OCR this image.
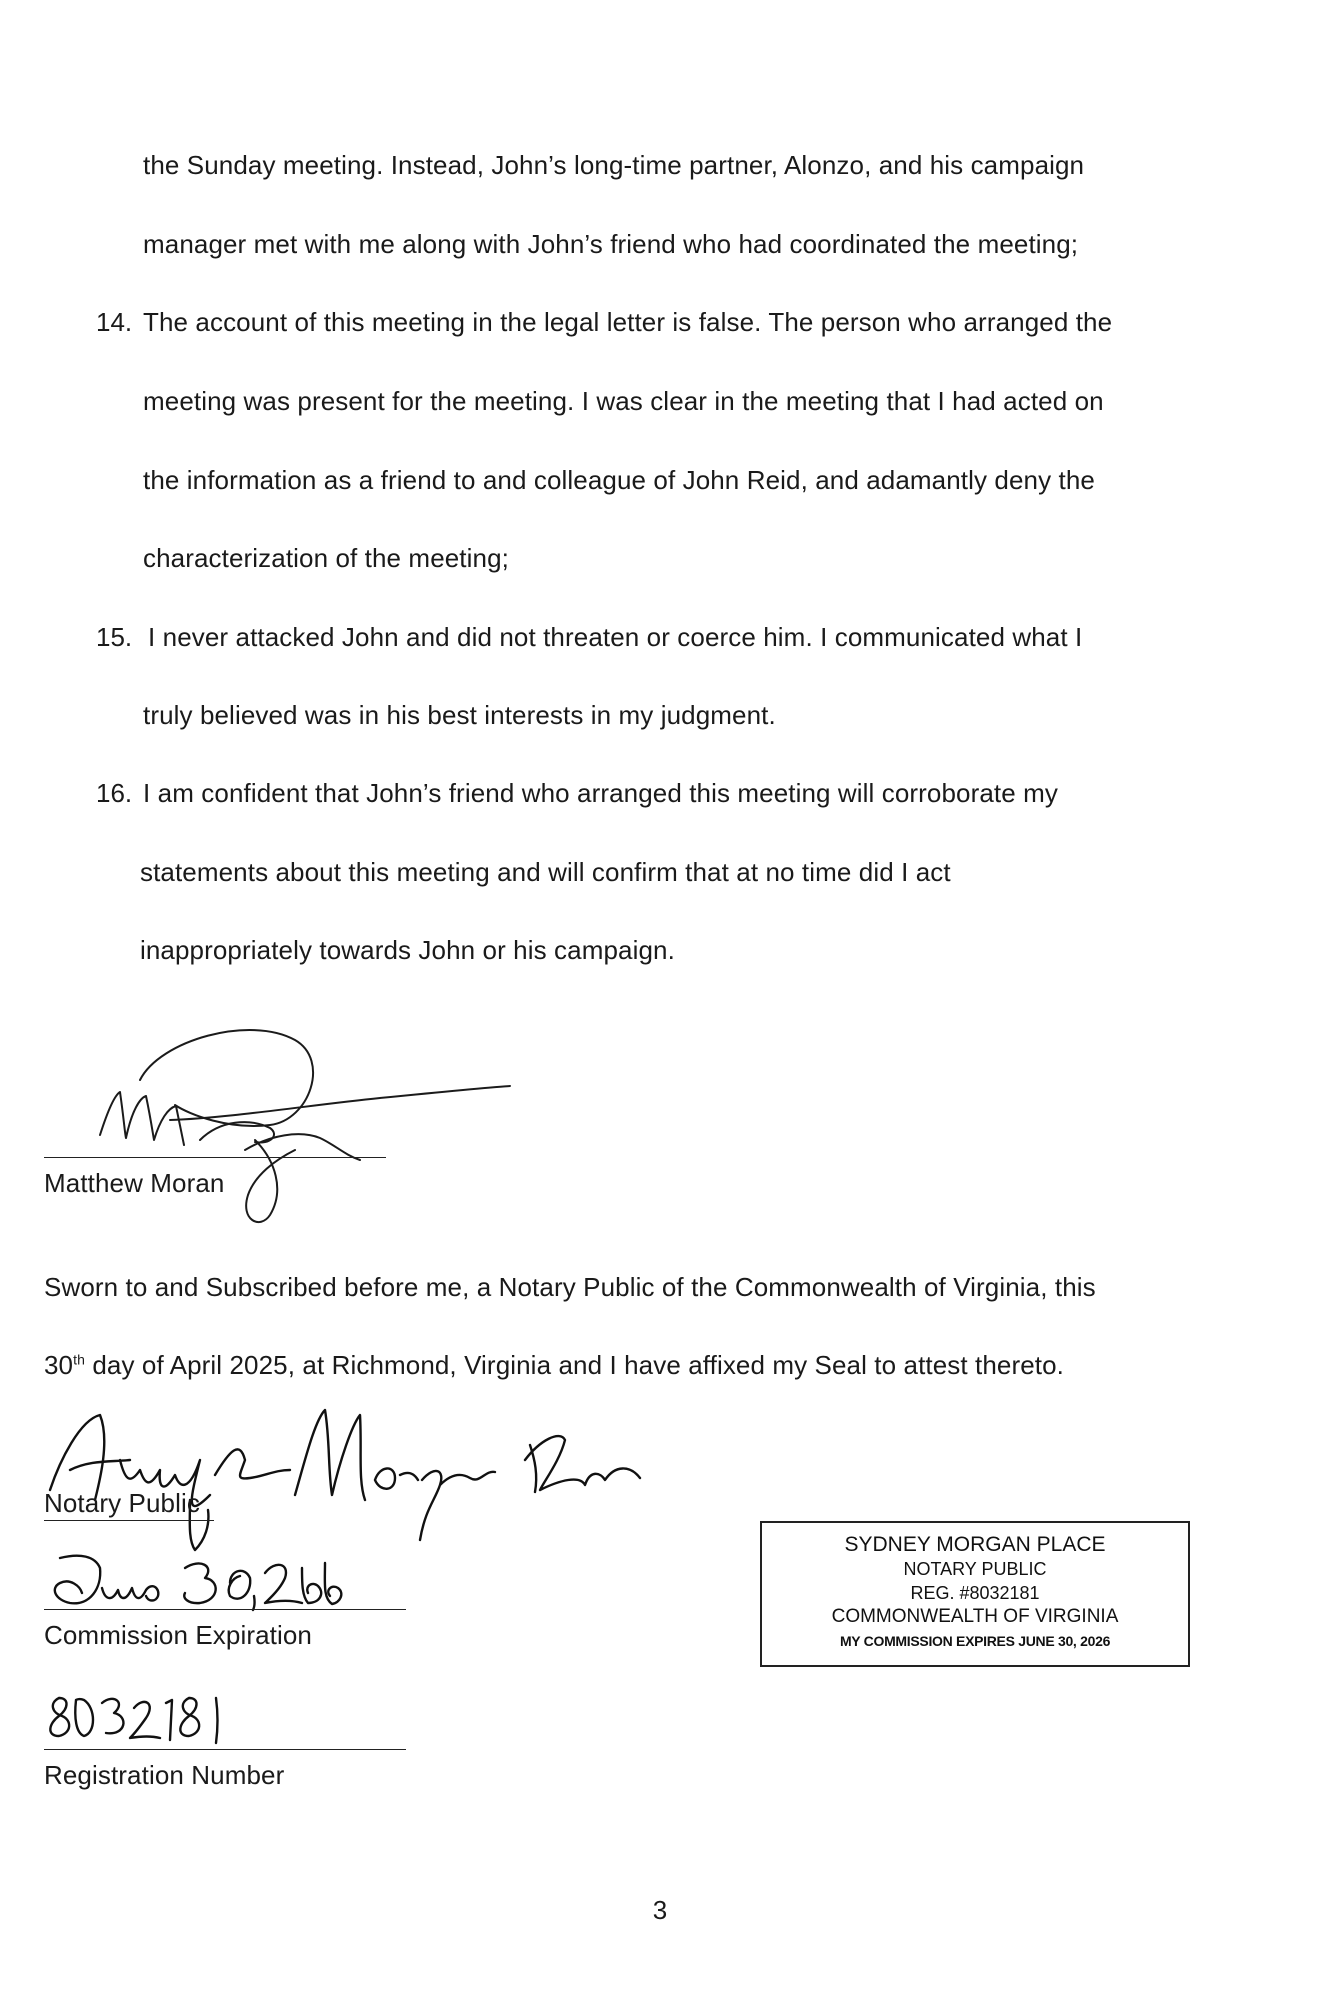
the Sunday meeting. Instead, John’s long-time partner, Alonzo, and his campaign
manager met with me along with John’s friend who had coordinated the meeting;
14. The account of this meeting in the legal letter is false. The person who arranged the
meeting was present for the meeting. I was clear in the meeting that I had acted on
the information as a friend to and colleague of John Reid, and adamantly deny the
characterization of the meeting;
15. I never attacked John and did not threaten or coerce him. I communicated what I
truly believed was in his best interests in my judgment.
16. I am confident that John’s friend who arranged this meeting will corroborate my
statements about this meeting and will confirm that at no time did I act
inappropriately towards John or his campaign.
Matthew Moran
Sworn to and Subscribed before me, a Notary Public of the Commonwealth of Virginia, this
30th day of April 2025, at Richmond, Virginia and I have affixed my Seal to attest thereto.
Notary Public
Commission Expiration
Registration Number
SYDNEY MORGAN PLACE
NOTARY PUBLIC
REG. #8032181
COMMONWEALTH OF VIRGINIA
MY COMMISSION EXPIRES JUNE 30, 2026
3
